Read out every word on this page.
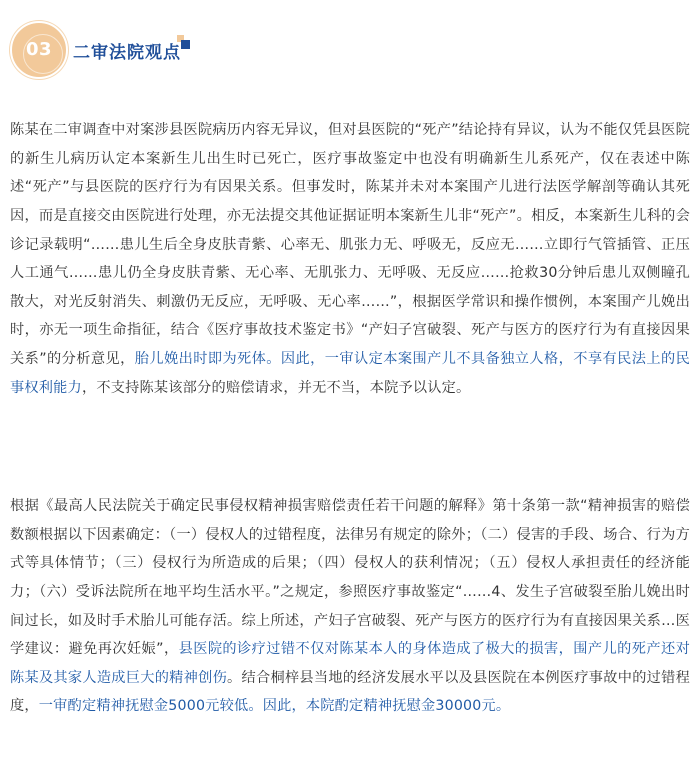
03	二审法院观点

陈某在二审调查中对案涉县医院病历内容无异议，但对县医院的“死产”结论持有异议，认为不能仅凭县医院的新生儿病历认定本案新生儿出生时已死亡，医疗事故鉴定中也没有明确新生儿系死产，仅在表述中陈述“死产”与县医院的医疗行为有因果关系。但事发时，陈某并未对本案围产儿进行法医学解剖等确认其死因，而是直接交由医院进行处理，亦无法提交其他证据证明本案新生儿非“死产”。相反，本案新生儿科的会诊记录载明“……患儿生后全身皮肤青紫、心率无、肌张力无、呼吸无，反应无……立即行气管插管、正压人工通气……患儿仍全身皮肤青紫、无心率、无肌张力、无呼吸、无反应……抢救30分钟后患儿双侧瞳孔散大，对光反射消失、刺激仍无反应，无呼吸、无心率……”，根据医学常识和操作惯例，本案围产儿娩出时，亦无一项生命指征，结合《医疗事故技术鉴定书》“产妇子宫破裂、死产与医方的医疗行为有直接因果关系”的分析意见，胎儿娩出时即为死体。因此，一审认定本案围产儿不具备独立人格，不享有民法上的民事权利能力，不支持陈某该部分的赔偿请求，并无不当，本院予以认定。

根据《最高人民法院关于确定民事侵权精神损害赔偿责任若干问题的解释》第十条第一款“精神损害的赔偿数额根据以下因素确定：（一）侵权人的过错程度，法律另有规定的除外；（二）侵害的手段、场合、行为方式等具体情节；（三）侵权行为所造成的后果；（四）侵权人的获利情况；（五）侵权人承担责任的经济能力；（六）受诉法院所在地平均生活水平。”之规定，参照医疗事故鉴定“……4、发生子宫破裂至胎儿娩出时间过长，如及时手术胎儿可能存活。综上所述，产妇子宫破裂、死产与医方的医疗行为有直接因果关系…医学建议：避免再次妊娠”，县医院的诊疗过错不仅对陈某本人的身体造成了极大的损害，围产儿的死产还对陈某及其家人造成巨大的精神创伤。结合桐梓县当地的经济发展水平以及县医院在本例医疗事故中的过错程度，一审酌定精神抚慰金5000元较低。因此，本院酌定精神抚慰金30000元。
